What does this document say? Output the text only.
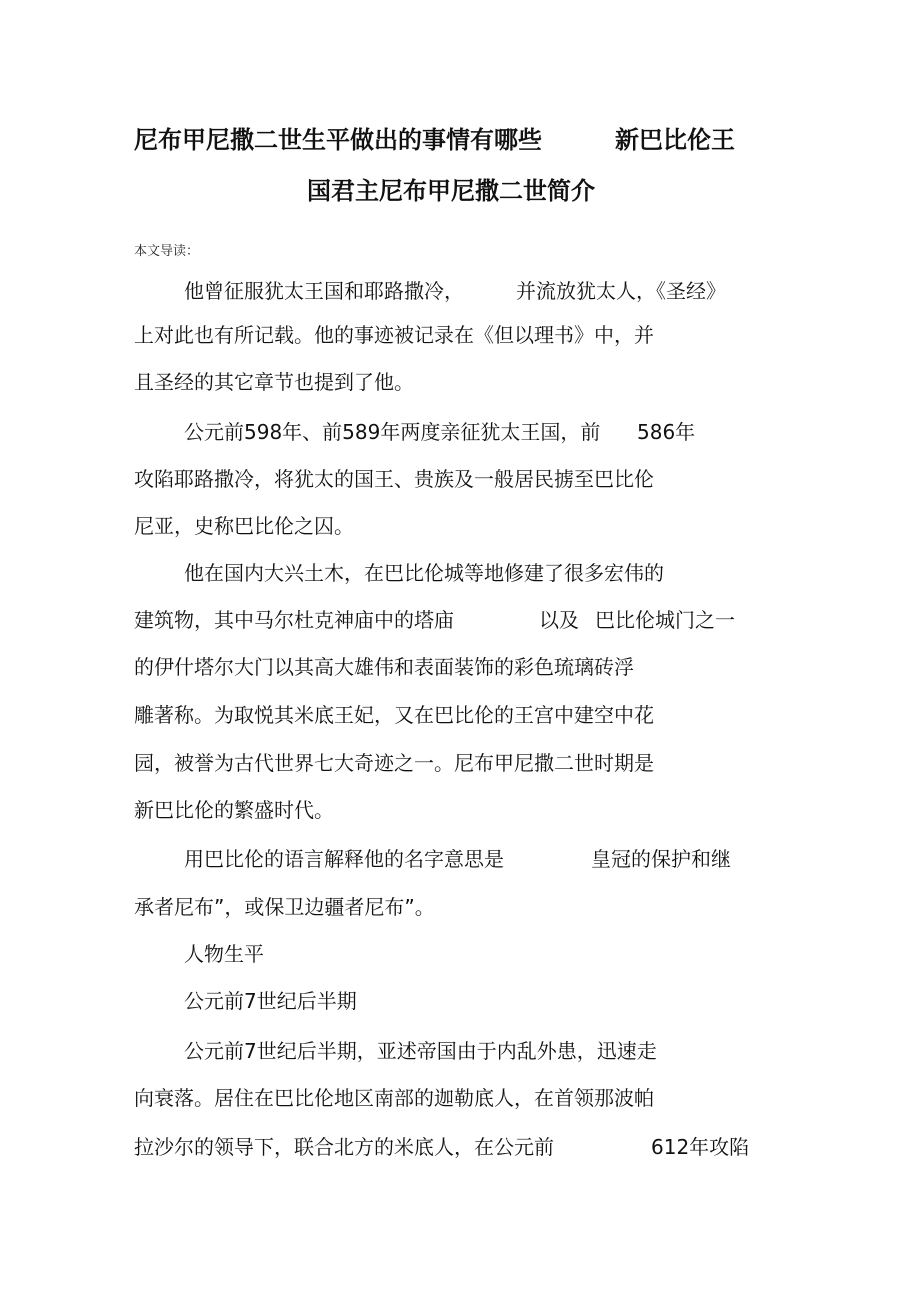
尼布甲尼撒二世生平做出的事情有哪些	新巴比伦王
国君主尼布甲尼撒二世简介
本文导读：
他曾征服犹太王国和耶路撒冷，	并流放犹太人，《圣经》
上对此也有所记载。他的事迹被记录在《但以理书》中，并
且圣经的其它章节也提到了他。
公元前598年、前589年两度亲征犹太王国，前 586年
攻陷耶路撒冷，将犹太的国王、贵族及一般居民掳至巴比伦
尼亚，史称巴比伦之囚。
他在国内大兴土木，在巴比伦城等地修建了很多宏伟的
建筑物，其中马尔杜克神庙中的塔庙	以及 巴比伦城门之一
的伊什塔尔大门以其高大雄伟和表面装饰的彩色琉璃砖浮
雕著称。为取悦其米底王妃，又在巴比伦的王宫中建空中花
园，被誉为古代世界七大奇迹之一。尼布甲尼撒二世时期是
新巴比伦的繁盛时代。
用巴比伦的语言解释他的名字意思是	皇冠的保护和继
承者尼布”，或保卫边疆者尼布”。
人物生平
公元前7世纪后半期
公元前7世纪后半期，亚述帝国由于内乱外患，迅速走
向衰落。居住在巴比伦地区南部的迦勒底人，在首领那波帕
拉沙尔的领导下，联合北方的米底人，在公元前	612年攻陷
